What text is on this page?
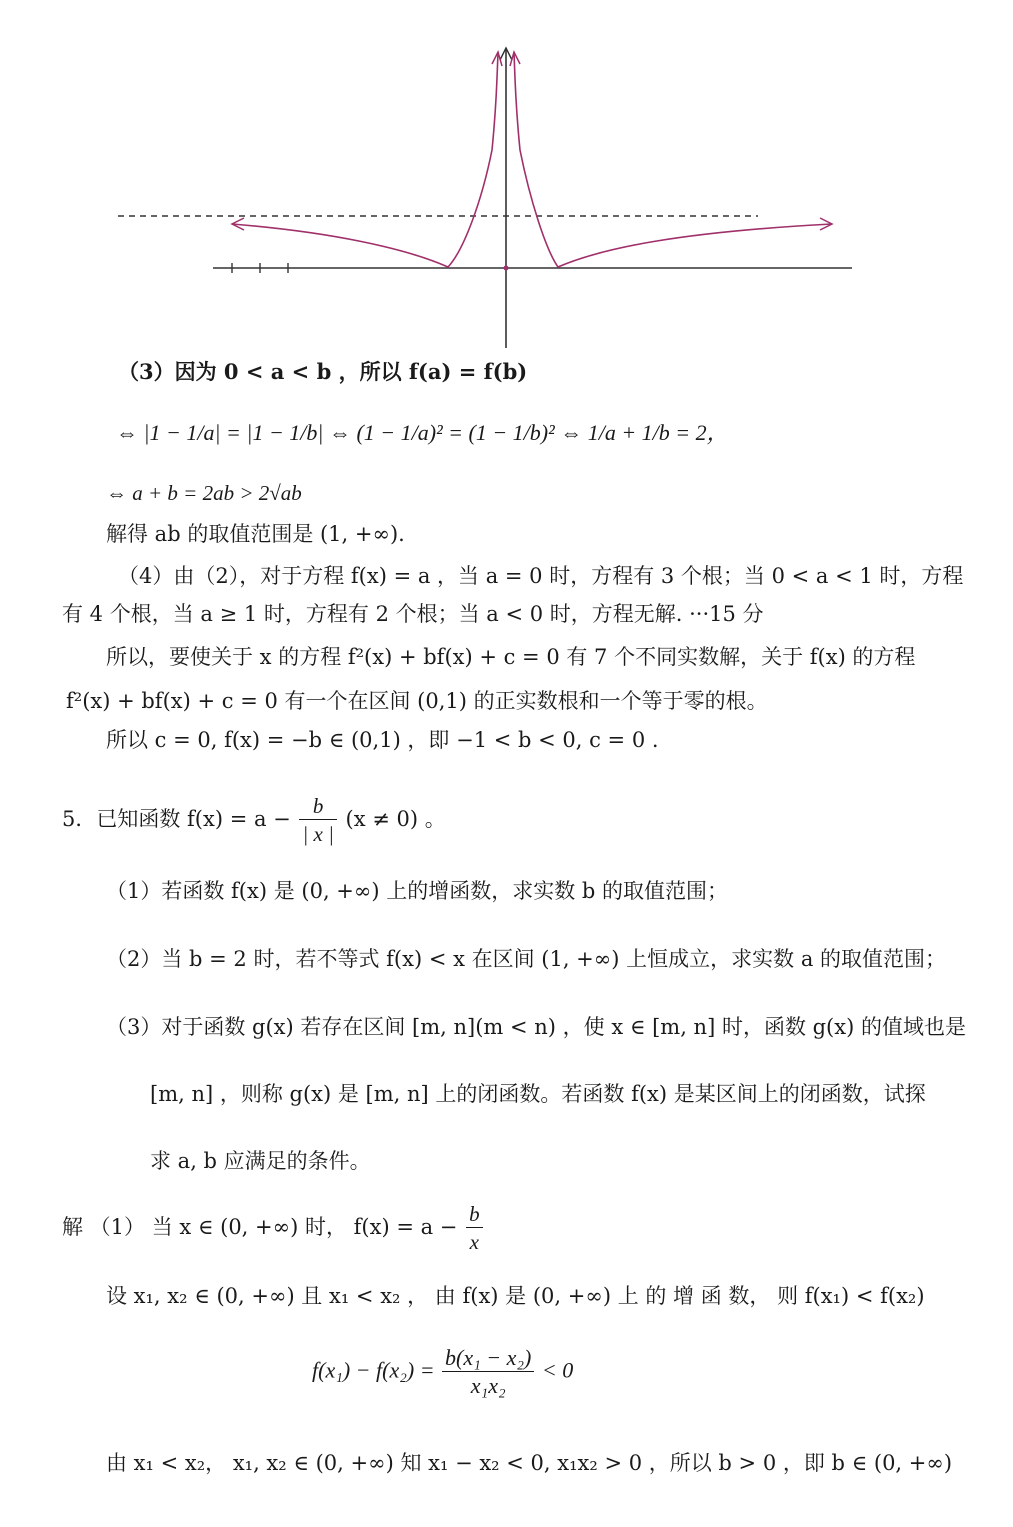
（3）因为 0 < a < b ，所以 f(a) = f(b)
⇔ |1 − 1/a| = |1 − 1/b| ⇔ (1 − 1/a)² = (1 − 1/b)² ⇔ 1/a + 1/b = 2，
⇔ a + b = 2ab > 2√ab
解得 ab 的取值范围是 (1, +∞).
（4）由（2），对于方程 f(x) = a ，当 a = 0 时，方程有 3 个根；当 0 < a < 1 时，方程
有 4 个根，当 a ≥ 1 时，方程有 2 个根；当 a < 0 时，方程无解. ···15 分
所以，要使关于 x 的方程 f²(x) + bf(x) + c = 0 有 7 个不同实数解，关于 f(x) 的方程
f²(x) + bf(x) + c = 0 有一个在区间 (0,1) 的正实数根和一个等于零的根。
所以 c = 0, f(x) = −b ∈ (0,1) ，即 −1 < b < 0, c = 0 .
5．已知函数 $f(x) = a - \frac{b}{| x |} (x \ne 0)$ 。
（1）若函数 f(x) 是 (0, +∞) 上的增函数，求实数 b 的取值范围；
（2）当 b = 2 时，若不等式 f(x) < x 在区间 (1, +∞) 上恒成立，求实数 a 的取值范围；
（3）对于函数 g(x) 若存在区间 [m, n](m < n) ，使 x ∈ [m, n] 时，函数 g(x) 的值域也是
[m, n] ，则称 g(x) 是 [m, n] 上的闭函数。若函数 f(x) 是某区间上的闭函数，试探
求 a, b 应满足的条件。
解 （1） 当 x ∈ (0, +∞) 时， $f(x) = a - \frac{b}{x}$
设 x₁, x₂ ∈ (0, +∞) 且 x₁ < x₂ ， 由 f(x) 是 (0, +∞) 上 的 增 函 数， 则 f(x₁) < f(x₂)
$f(x_1) - f(x_2) = \frac{\text{b(x₁ − x₂)}}{\text{x₁x₂}} < 0$
由 x₁ < x₂， x₁, x₂ ∈ (0, +∞) 知 x₁ − x₂ < 0, x₁x₂ > 0 ，所以 b > 0 ，即 b ∈ (0, +∞)
